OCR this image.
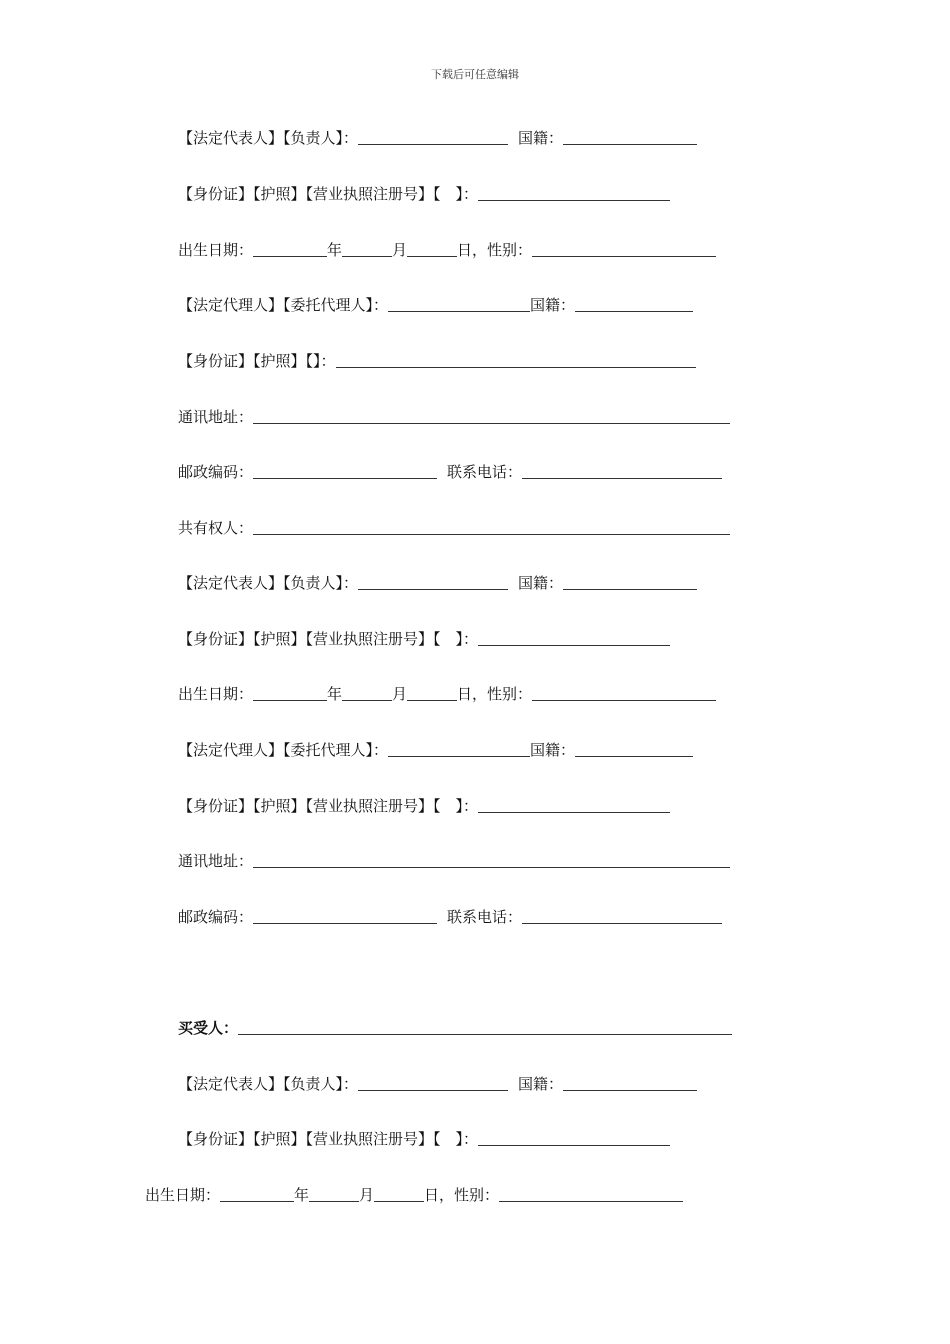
下载后可任意编辑
【法定代表人】【负责人】：	国籍：
【身份证】【护照】【营业执照注册号】【　】：
出生日期：	年	月	日，性别：
【法定代理人】【委托代理人】：	国籍：
【身份证】【护照】【】：
通讯地址：
邮政编码：	联系电话：
共有权人：
【法定代表人】【负责人】：	国籍：
【身份证】【护照】【营业执照注册号】【　】：
出生日期：	年	月	日，性别：
【法定代理人】【委托代理人】：	国籍：
【身份证】【护照】【营业执照注册号】【　】：
通讯地址：
邮政编码：	联系电话：
买受人：
【法定代表人】【负责人】：	国籍：
【身份证】【护照】【营业执照注册号】【　】：
出生日期：	年	月	日，性别：
